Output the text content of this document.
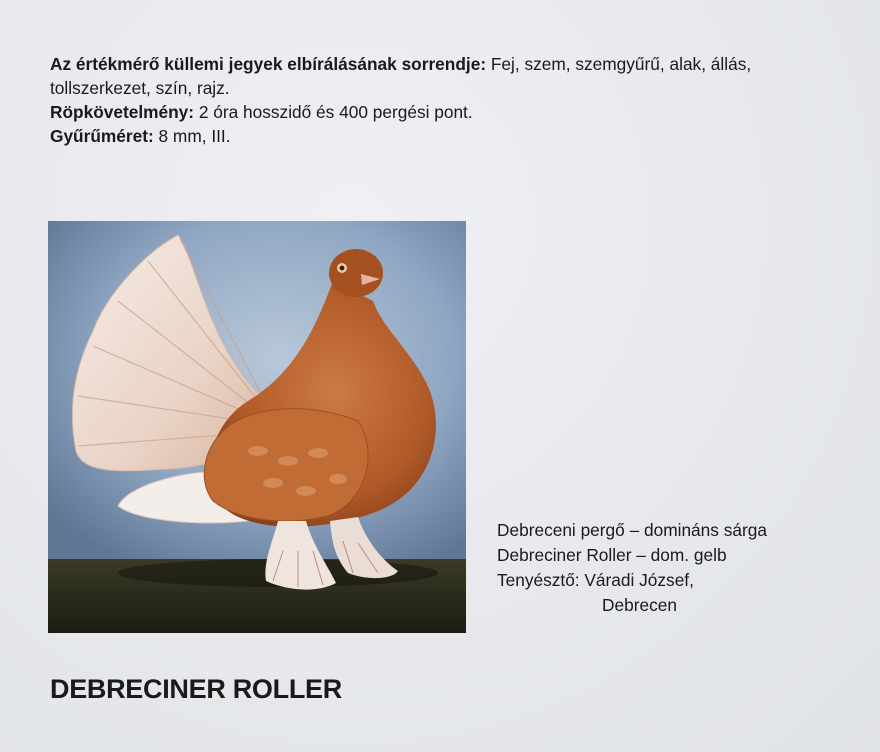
Az értékmérő küllemi jegyek elbírálásának sorrendje: Fej, szem, szemgyűrű, alak, állás, tollszerkezet, szín, rajz.

Röpkövetelmény: 2 óra hosszidő és 400 pergési pont.

Gyűrűméret: 8 mm, III.

Debreceni pergő – domináns sárga
Debreciner Roller – dom. gelb
Tenyésztő: Váradi József,
Debrecen
DEBRECINER ROLLER
